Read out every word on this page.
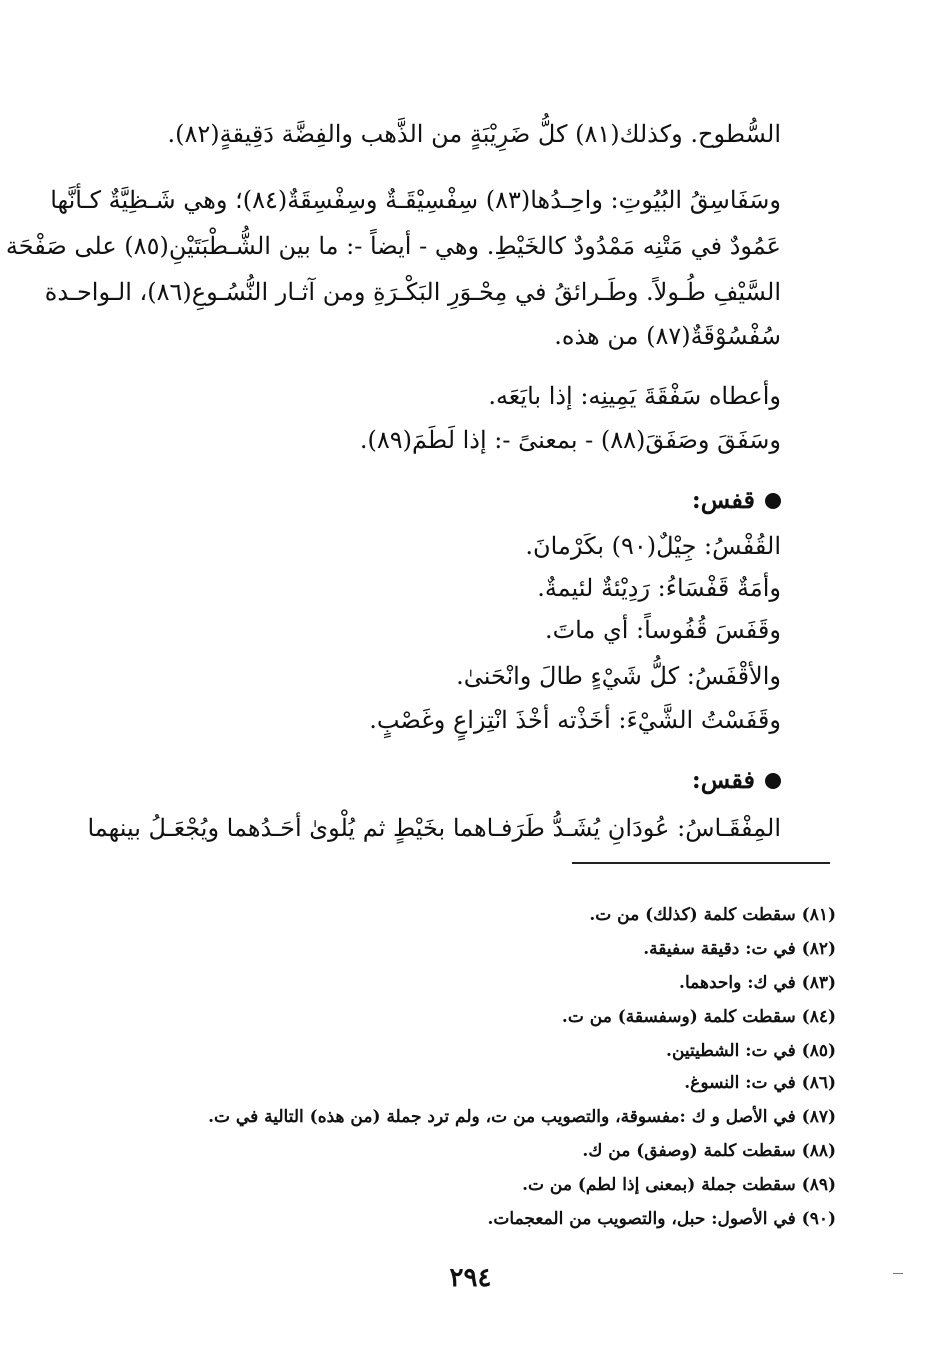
السُّطوح. وكذلك(٨١) كلُّ ضَرِيْبَةٍ من الذَّهب والفِضَّة دَقِيقةٍ(٨٢).
وسَفَاسِقُ البُيُوتِ: واحِـدُها(٨٣) سِفْسِيْقَـةٌ وسِفْسِقَةٌ(٨٤)؛ وهي شَـظِيَّةٌ كـأنَّها
عَمُودٌ في مَتْنِه مَمْدُودٌ كالخَيْطِ. وهي - أيضاً -: ما بين الشُّـطْبَتَيْنِ(٨٥) على صَفْحَة
السَّيْفِ طُـولاً. وطَـرائقُ في مِحْـوَرِ البَكْـرَةِ ومن آثـار النُّسُـوعِ(٨٦)، الـواحـدة
سُفْسُوْقَةٌ(٨٧) من هذه.
وأعطاه سَفْقَةَ يَمِينِه: إذا بايَعَه.
وسَفَقَ وصَفَقَ(٨٨) - بمعنىً -: إذا لَطَمَ(٨٩).
قفس:
القُفْسُ: جِيْلٌ(٩٠) بكَرْمانَ.
وأمَةٌ قَفْسَاءُ: رَدِيْئةٌ لئيمةٌ.
وقَفَسَ قُفُوساً: أي ماتَ.
والأقْفَسُ: كلُّ شَيْءٍ طالَ وانْحَنىٰ.
وقَفَسْتُ الشَّيْءَ: أخَذْته أخْذَ انْتِزاعٍ وغَصْبٍ.
فقس:
المِفْقَـاسُ: عُودَانِ يُشَـدُّ طَرَفـاهما بخَيْطٍ ثم يُلْوىٰ أحَـدُهما ويُجْعَـلُ بينهما
(٨١) سقطت كلمة (كذلك) من ت.
(٨٢) في ت: دقيقة سفيقة.
(٨٣) في ك: واحدهما.
(٨٤) سقطت كلمة (وسفسقة) من ت.
(٨٥) في ت: الشطيتين.
(٨٦) في ت: النسوغ.
(٨٧) في الأصل و ك :مفسوقة، والتصويب من ت، ولم ترد جملة (من هذه) التالية في ت.
(٨٨) سقطت كلمة (وصفق) من ك.
(٨٩) سقطت جملة (بمعنى إذا لطم) من ت.
(٩٠) في الأصول: حبل، والتصويب من المعجمات.
٢٩٤
